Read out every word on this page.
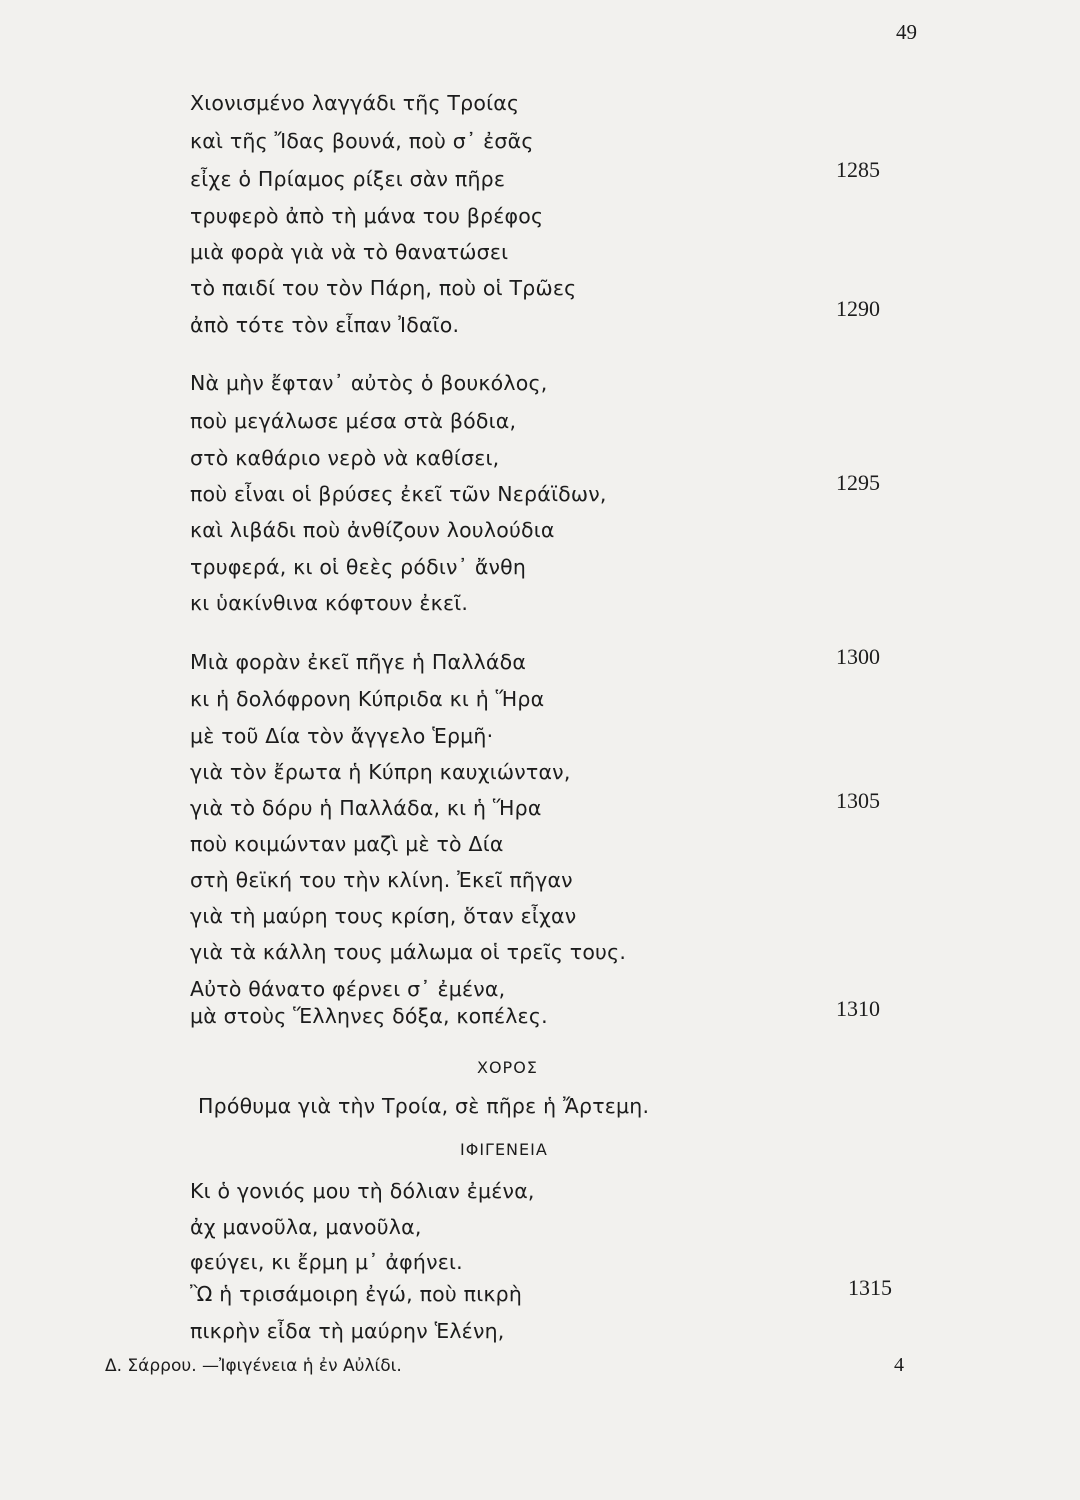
49
Χιονισμένο λαγγάδι τῆς Τροίας
καὶ τῆς Ἴδας βουνά, ποὺ σ᾽ ἐσᾶς
εἶχε ὁ Πρίαμος ρίξει σὰν πῆρε
τρυφερὸ ἀπὸ τὴ μάνα του βρέφος
μιὰ φορὰ γιὰ νὰ τὸ θανατώσει
τὸ παιδί του τὸν Πάρη, ποὺ οἱ Τρῶες
ἀπὸ τότε τὸν εἶπαν Ἰδαῖο.
Νὰ μὴν ἔφταν᾽ αὐτὸς ὁ βουκόλος,
ποὺ μεγάλωσε μέσα στὰ βόδια,
στὸ καθάριο νερὸ νὰ καθίσει,
ποὺ εἶναι οἱ βρύσες ἐκεῖ τῶν Νεράϊδων,
καὶ λιβάδι ποὺ ἀνθίζουν λουλούδια
τρυφερά, κι οἱ θεὲς ρόδιν᾽ ἄνθη
κι ὑακίνθινα κόφτουν ἐκεῖ.
Μιὰ φορὰν ἐκεῖ πῆγε ἡ Παλλάδα
κι ἡ δολόφρονη Κύπριδα κι ἡ Ἥρα
μὲ τοῦ Δία τὸν ἄγγελο Ἑρμῆ·
γιὰ τὸν ἔρωτα ἡ Κύπρη καυχιώνταν,
γιὰ τὸ δόρυ ἡ Παλλάδα, κι ἡ Ἥρα
ποὺ κοιμώνταν μαζὶ μὲ τὸ Δία
στὴ θεϊκή του τὴν κλίνη. Ἐκεῖ πῆγαν
γιὰ τὴ μαύρη τους κρίση, ὅταν εἶχαν
γιὰ τὰ κάλλη τους μάλωμα οἱ τρεῖς τους.
Αὐτὸ θάνατο φέρνει σ᾽ ἐμένα,
μὰ στοὺς Ἕλληνες δόξα, κοπέλες.
ΧΟΡΟΣ
Πρόθυμα γιὰ τὴν Τροία, σὲ πῆρε ἡ Ἄρτεμη.
ΙΦΙΓΕΝΕΙΑ
Κι ὁ γονιός μου τὴ δόλιαν ἐμένα,
ἀχ μανοῦλα, μανοῦλα,
φεύγει, κι ἔρμη μ᾽ ἀφήνει.
Ὢ ἡ τρισάμοιρη ἐγώ, ποὺ πικρὴ
πικρὴν εἶδα τὴ μαύρην Ἑλένη,
1285
1290
1295
1300
1305
1310
1315
Δ. Σάρρου. —Ἰφιγένεια ἡ ἐν Αὐλίδι.	4
